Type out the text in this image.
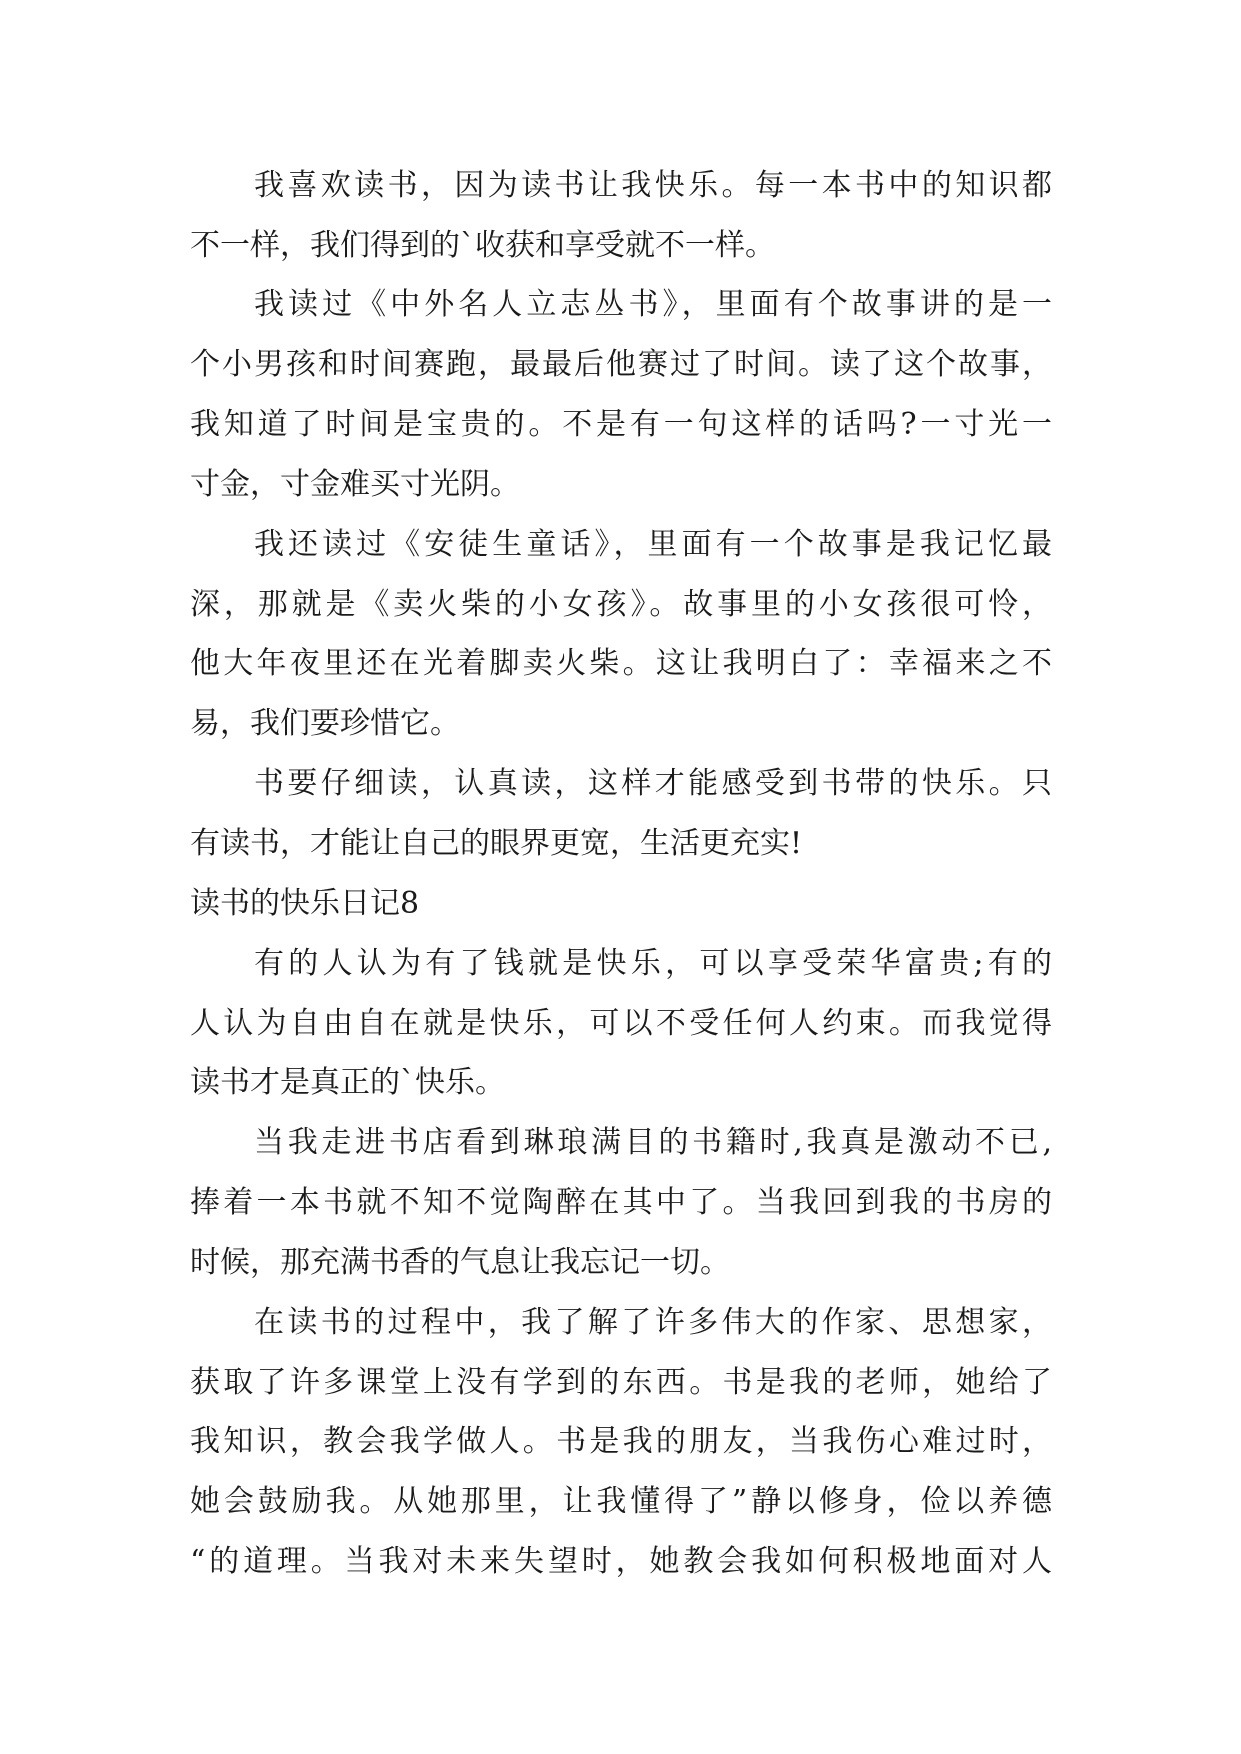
我喜欢读书，因为读书让我快乐。每一本书中的知识都
不一样，我们得到的`收获和享受就不一样。
我读过《中外名人立志丛书》，里面有个故事讲的是一
个小男孩和时间赛跑，最最后他赛过了时间。读了这个故事，
我知道了时间是宝贵的。不是有一句这样的话吗?一寸光一
寸金，寸金难买寸光阴。
我还读过《安徒生童话》，里面有一个故事是我记忆最
深，那就是《卖火柴的小女孩》。故事里的小女孩很可怜，
他大年夜里还在光着脚卖火柴。这让我明白了：幸福来之不
易，我们要珍惜它。
书要仔细读，认真读，这样才能感受到书带的快乐。只
有读书，才能让自己的眼界更宽，生活更充实!
读书的快乐日记8
有的人认为有了钱就是快乐，可以享受荣华富贵;有的
人认为自由自在就是快乐，可以不受任何人约束。而我觉得
读书才是真正的`快乐。
当我走进书店看到琳琅满目的书籍时,我真是激动不已,
捧着一本书就不知不觉陶醉在其中了。当我回到我的书房的
时候，那充满书香的气息让我忘记一切。
在读书的过程中，我了解了许多伟大的作家、思想家，
获取了许多课堂上没有学到的东西。书是我的老师，她给了
我知识，教会我学做人。书是我的朋友，当我伤心难过时，
她会鼓励我。从她那里，让我懂得了”静以修身，俭以养德
“的道理。当我对未来失望时，她教会我如何积极地面对人
